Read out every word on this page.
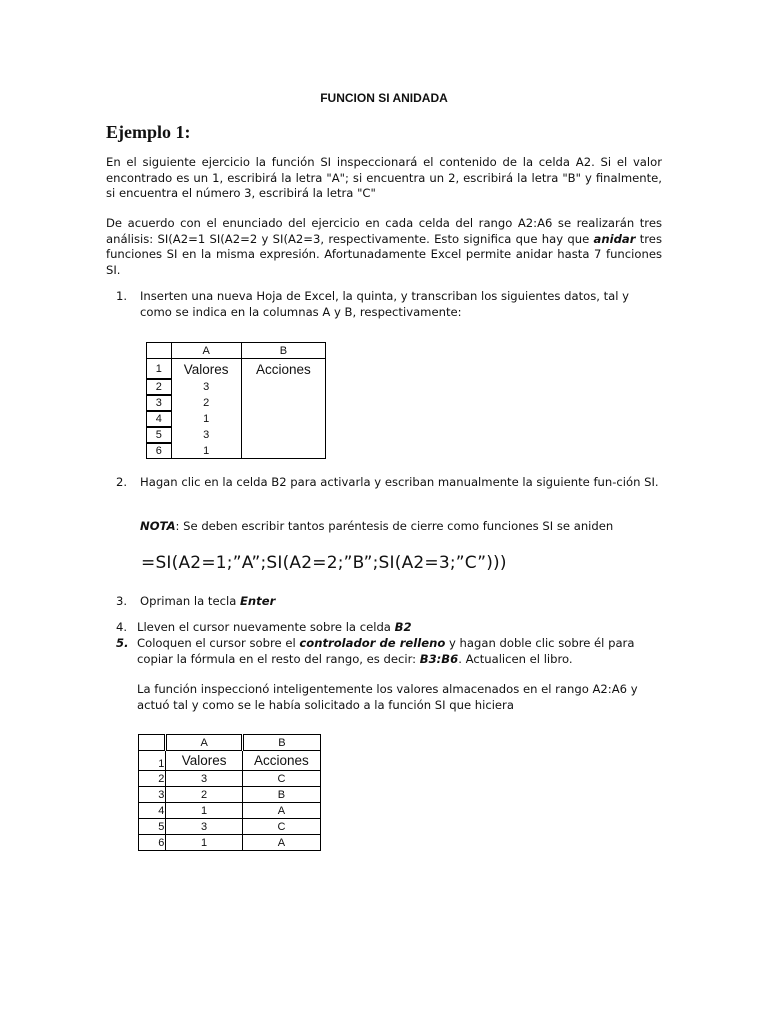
FUNCION SI ANIDADA
Ejemplo 1:
En el siguiente ejercicio la función SI inspeccionará el contenido de la celda A2. Si el valor encontrado es un 1, escribirá la letra "A"; si encuentra un 2, escribirá la letra "B" y finalmente, si encuentra el número 3, escribirá la letra "C"
De acuerdo con el enunciado del ejercicio en cada celda del rango A2:A6 se realizarán tres análisis: SI(A2=1 SI(A2=2 y SI(A2=3, respectivamente. Esto significa que hay que anidar tres funciones SI en la misma expresión. Afortunadamente Excel permite anidar hasta 7 funciones SI.
1. Inserten una nueva Hoja de Excel, la quinta, y transcriban los siguientes datos, tal y como se indica en la columnas A y B, respectivamente:
	A	B
1	Valores	Acciones
2	3	
3	2	
4	1	
5	3	
6	1	
2. Hagan clic en la celda B2 para activarla y escriban manualmente la siguiente fun-ción SI.
NOTA: Se deben escribir tantos paréntesis de cierre como funciones SI se aniden
=SI(A2=1;”A”;SI(A2=2;”B”;SI(A2=3;”C”)))
3. Opriman la tecla Enter
4. Lleven el cursor nuevamente sobre la celda B2
5. Coloquen el cursor sobre el controlador de relleno y hagan doble clic sobre él para copiar la fórmula en el resto del rango, es decir: B3:B6. Actualicen el libro.
La función inspeccionó inteligentemente los valores almacenados en el rango A2:A6 y actuó tal y como se le había solicitado a la función SI que hiciera
	A	B
1	Valores	Acciones
2	3	C
3	2	B
4	1	A
5	3	C
6	1	A
